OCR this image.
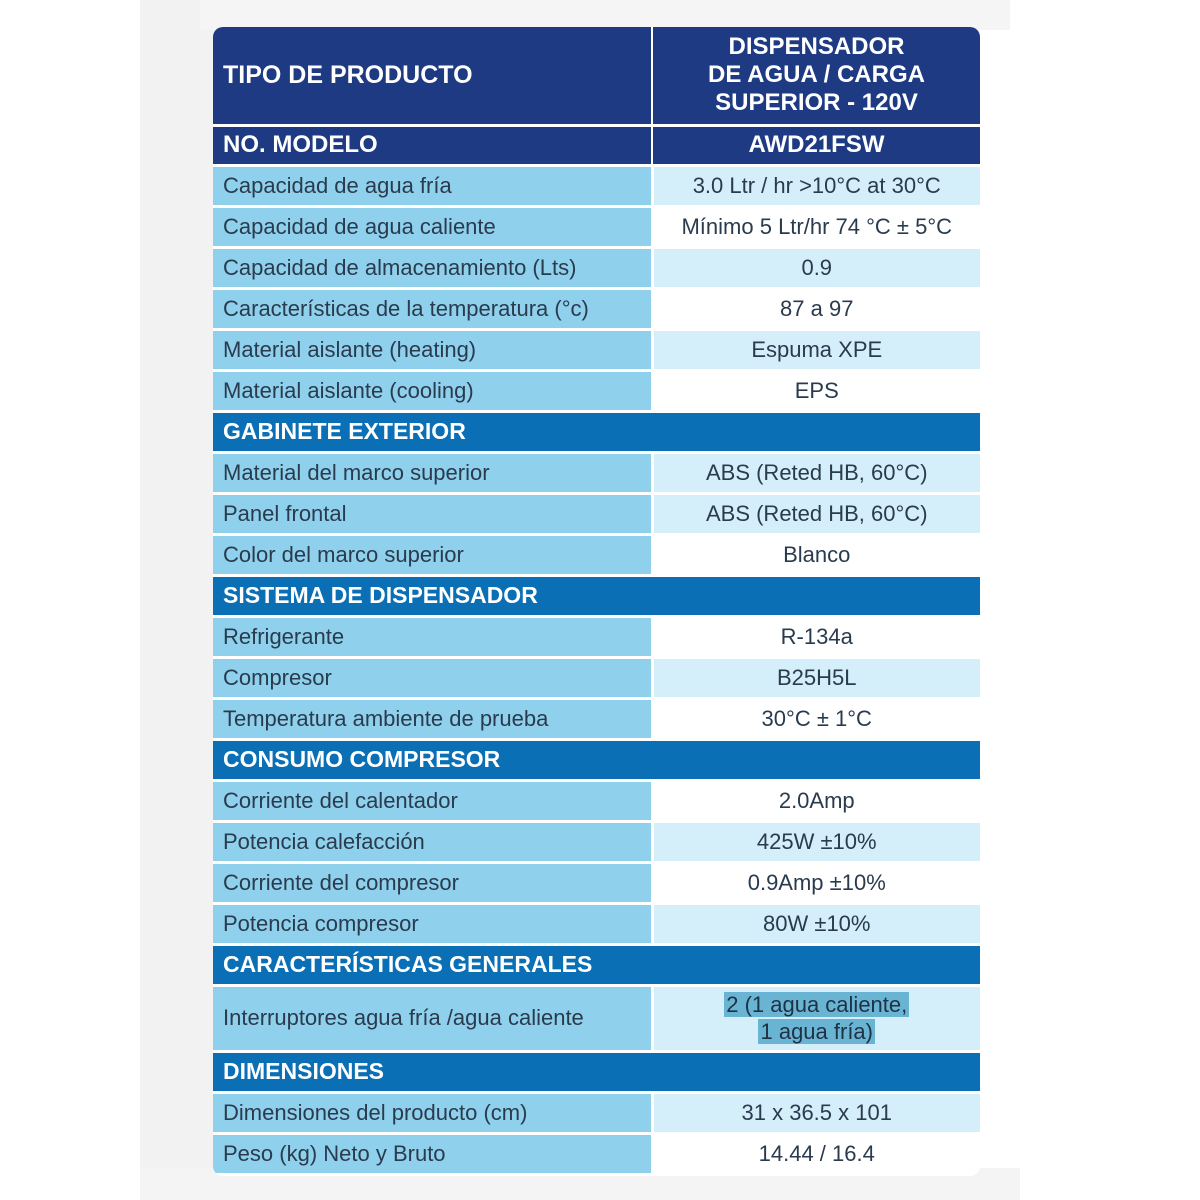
TIPO DE PRODUCTO	DISPENSADOR
DE AGUA / CARGA
SUPERIOR - 120V

NO. MODELO	AWD21FSW
Capacidad de agua fría	3.0 Ltr / hr >10°C at 30°C
Capacidad de agua caliente	Mínimo 5 Ltr/hr 74 °C ± 5°C
Capacidad de almacenamiento (Lts)	0.9
Características de la temperatura (°c)	87 a 97
Material aislante (heating)	Espuma XPE
Material aislante (cooling)	EPS
GABINETE EXTERIOR	
Material del marco superior	ABS (Reted HB, 60°C)
Panel frontal	ABS (Reted HB, 60°C)
Color del marco superior	Blanco
SISTEMA DE DISPENSADOR	
Refrigerante	R-134a
Compresor	B25H5L
Temperatura ambiente de prueba	30°C ± 1°C
CONSUMO COMPRESOR	
Corriente del calentador	2.0Amp
Potencia calefacción	425W ±10%
Corriente del compresor	0.9Amp ±10%
Potencia compresor	80W ±10%
CARACTERÍSTICAS GENERALES	
Interruptores agua fría /agua caliente	2 (1 agua caliente,
1 agua fría)

DIMENSIONES	
Dimensiones del producto (cm)	31 x 36.5 x 101
Peso (kg) Neto y Bruto	14.44 / 16.4
